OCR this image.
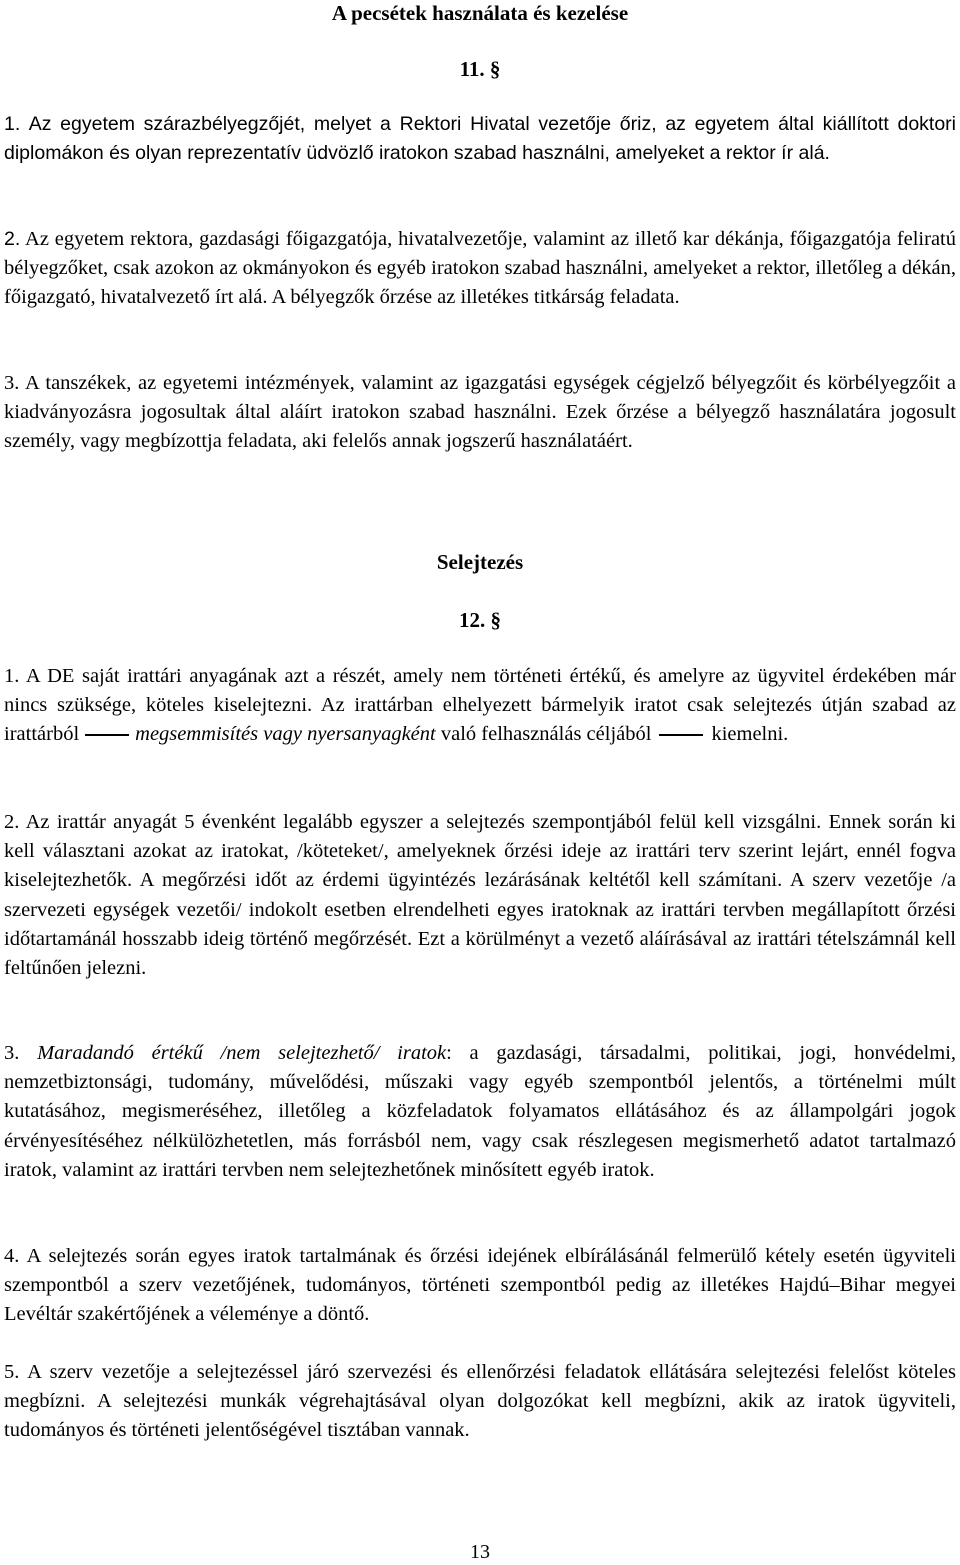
A pecsétek használata és kezelése
11. §

1. Az egyetem szárazbélyegzőjét, melyet a Rektori Hivatal vezetője őriz, az egyetem által kiállított doktori diplomákon és olyan reprezentatív üdvözlő iratokon szabad használni, amelyeket a rektor ír alá.

2. Az egyetem rektora, gazdasági főigazgatója, hivatalvezetője, valamint az illető kar dékánja, főigazgatója feliratú bélyegzőket, csak azokon az okmányokon és egyéb iratokon szabad használni, amelyeket a rektor, illetőleg a dékán, főigazgató, hivatalvezető írt alá. A bélyegzők őrzése az illetékes titkárság feladata.

3. A tanszékek, az egyetemi intézmények, valamint az igazgatási egységek cégjelző bélyegzőit és körbélyegzőit a kiadványozásra jogosultak által aláírt iratokon szabad használni. Ezek őrzése a bélyegző használatára jogosult személy, vagy megbízottja feladata, aki felelős annak jogszerű használatáért.

Selejtezés
12. §

1. A DE saját irattári anyagának azt a részét, amely nem történeti értékű, és amelyre az ügyvitel érdekében már nincs szüksége, köteles kiselejtezni. Az irattárban elhelyezett bármelyik iratot csak selejtezés útján szabad az irattárból	megsemmisítés vagy nyersanyagként való felhasználás céljából	kiemelni.

2. Az irattár anyagát 5 évenként legalább egyszer a selejtezés szempontjából felül kell vizsgálni. Ennek során ki kell választani azokat az iratokat, /köteteket/, amelyeknek őrzési ideje az irattári terv szerint lejárt, ennél fogva kiselejtezhetők. A megőrzési időt az érdemi ügyintézés lezárásának keltétől kell számítani. A szerv vezetője /a szervezeti egységek vezetői/ indokolt esetben elrendelheti egyes iratoknak az irattári tervben megállapított őrzési időtartamánál hosszabb ideig történő megőrzését. Ezt a körülményt a vezető aláírásával az irattári tételszámnál kell feltűnően jelezni.

3. Maradandó értékű /nem selejtezhető/ iratok: a gazdasági, társadalmi, politikai, jogi, honvédelmi, nemzetbiztonsági, tudomány, művelődési, műszaki vagy egyéb szempontból jelentős, a történelmi múlt kutatásához, megismeréséhez, illetőleg a közfeladatok folyamatos ellátásához és az állampolgári jogok érvényesítéséhez nélkülözhetetlen, más forrásból nem, vagy csak részlegesen megismerhető adatot tartalmazó iratok, valamint az irattári tervben nem selejtezhetőnek minősített egyéb iratok.

4. A selejtezés során egyes iratok tartalmának és őrzési idejének elbírálásánál felmerülő kétely esetén ügyviteli szempontból a szerv vezetőjének, tudományos, történeti szempontból pedig az illetékes Hajdú–Bihar megyei Levéltár szakértőjének a véleménye a döntő.

5. A szerv vezetője a selejtezéssel járó szervezési és ellenőrzési feladatok ellátására selejtezési felelőst köteles megbízni. A selejtezési munkák végrehajtásával olyan dolgozókat kell megbízni, akik az iratok ügyviteli, tudományos és történeti jelentőségével tisztában vannak.

13
